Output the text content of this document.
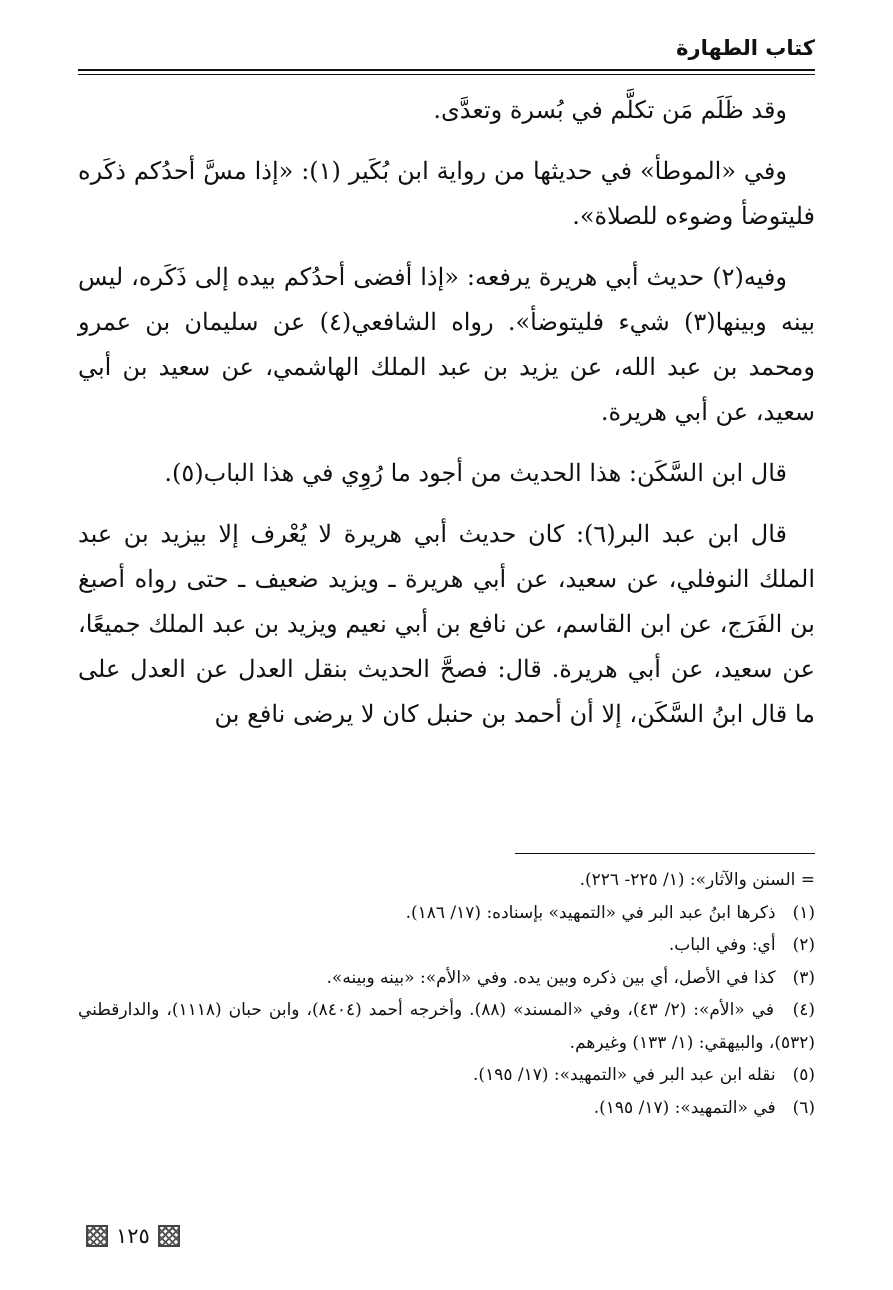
كتاب الطهارة

وقد ظَلَم مَن تكلَّم في بُسرة وتعدَّى.

وفي «الموطأ» في حديثها من رواية ابن بُكَير (١): «إذا مسَّ أحدُكم ذكَره فليتوضأ وضوءه للصلاة».

وفيه(٢) حديث أبي هريرة يرفعه: «إذا أفضى أحدُكم بيده إلى ذَكَره، ليس بينه وبينها(٣) شيء فليتوضأ». رواه الشافعي(٤) عن سليمان بن عمرو ومحمد بن عبد الله، عن يزيد بن عبد الملك الهاشمي، عن سعيد بن أبي سعيد، عن أبي هريرة.

قال ابن السَّكَن: هذا الحديث من أجود ما رُوِي في هذا الباب(٥).

قال ابن عبد البر(٦): كان حديث أبي هريرة لا يُعْرف إلا بيزيد بن عبد الملك النوفلي، عن سعيد، عن أبي هريرة ـ ويزيد ضعيف ـ حتى رواه أصبغ بن الفَرَج، عن ابن القاسم، عن نافع بن أبي نعيم ويزيد بن عبد الملك جميعًا، عن سعيد، عن أبي هريرة. قال: فصحَّ الحديث بنقل العدل عن العدل على ما قال ابنُ السَّكَن، إلا أن أحمد بن حنبل كان لا يرضى نافع بن

= السنن والآثار»: (١/ ٢٢٥- ٢٢٦).

(١) ذكرها ابنُ عبد البر في «التمهيد» بإسناده: (١٧/ ١٨٦).

(٢) أي: وفي الباب.

(٣) كذا في الأصل، أي بين ذكره وبين يده. وفي «الأم»: «بينه وبينه».

(٤) في «الأم»: (٢/ ٤٣)، وفي «المسند» (٨٨). وأخرجه أحمد (٨٤٠٤)، وابن حبان (١١١٨)، والدارقطني (٥٣٢)، والبيهقي: (١/ ١٣٣) وغيرهم.

(٥) نقله ابن عبد البر في «التمهيد»: (١٧/ ١٩٥).

(٦) في «التمهيد»: (١٧/ ١٩٥).

١٢٥
